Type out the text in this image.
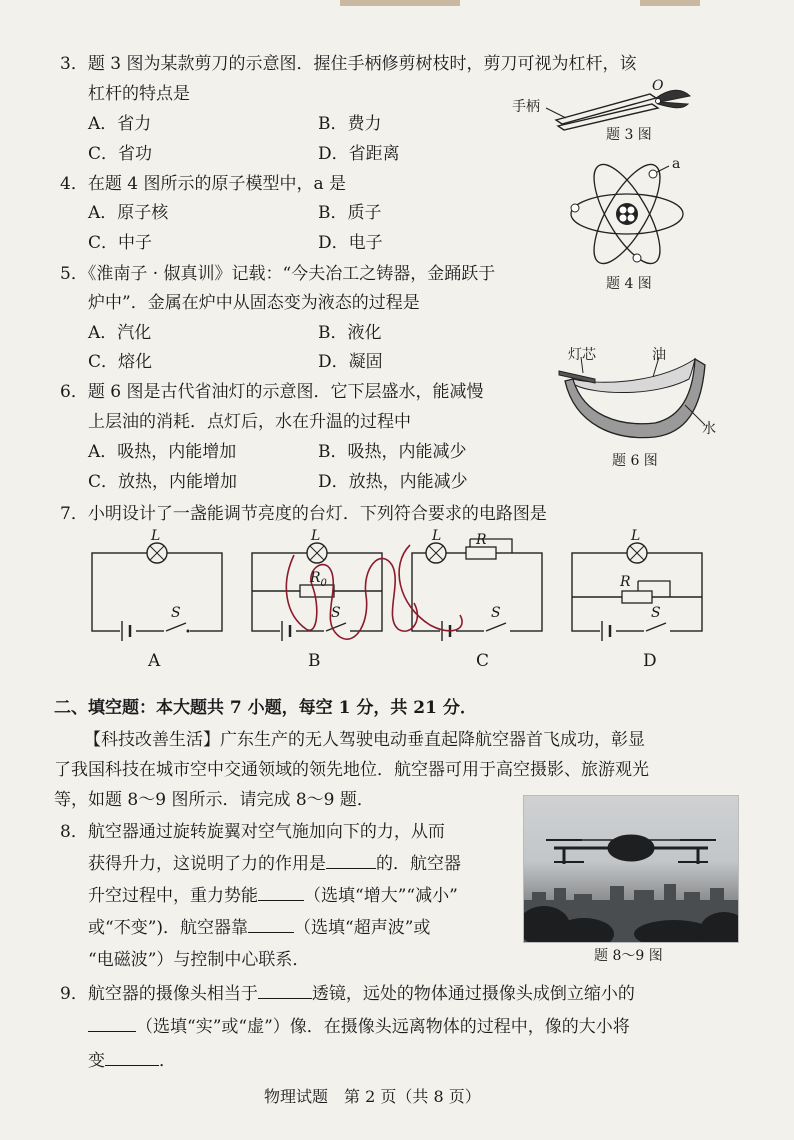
3．题 3 图为某款剪刀的示意图．握住手柄修剪树枝时，剪刀可视为杠杆，该
杠杆的特点是
A．省力	B．费力
C．省功	D．省距离
手柄
O
题 3 图
4．在题 4 图所示的原子模型中，a 是
A．原子核	B．质子
C．中子	D．电子
a
题 4 图
5．《淮南子 · 俶真训》记载：“今夫冶工之铸器，金踊跃于
炉中”．金属在炉中从固态变为液态的过程是
A．汽化	B．液化
C．熔化	D．凝固	灯芯	油
水
题 6 图
6．题 6 图是古代省油灯的示意图．它下层盛水，能减慢
上层油的消耗．点灯后，水在升温的过程中
A．吸热，内能增加	B．吸热，内能减少
C．放热，内能增加	D．放热，内能减少
7．小明设计了一盏能调节亮度的台灯．下列符合要求的电路图是
L
S
L
$R_0$
S
L R
S
L
R
S
A	B	C	D
二、填空题：本大题共 7 小题，每空 1 分，共 21 分．
【科技改善生活】广东生产的无人驾驶电动垂直起降航空器首飞成功，彰显
了我国科技在城市空中交通领域的领先地位．航空器可用于高空摄影、旅游观光
等，如题 8～9 图所示．请完成 8～9 题．
题 8～9 图
8．航空器通过旋转旋翼对空气施加向下的力，从而
获得升力，这说明了力的作用是	的．航空器
升空过程中，重力势能	（选填“增大”“减小”
或“不变”)．航空器靠	（选填“超声波”或
“电磁波”）与控制中心联系．
9．航空器的摄像头相当于	透镜，远处的物体通过摄像头成倒立缩小的
（选填“实”或“虚”）像．在摄像头远离物体的过程中，像的大小将
变	．
物理试题　第 2 页（共 8 页）
